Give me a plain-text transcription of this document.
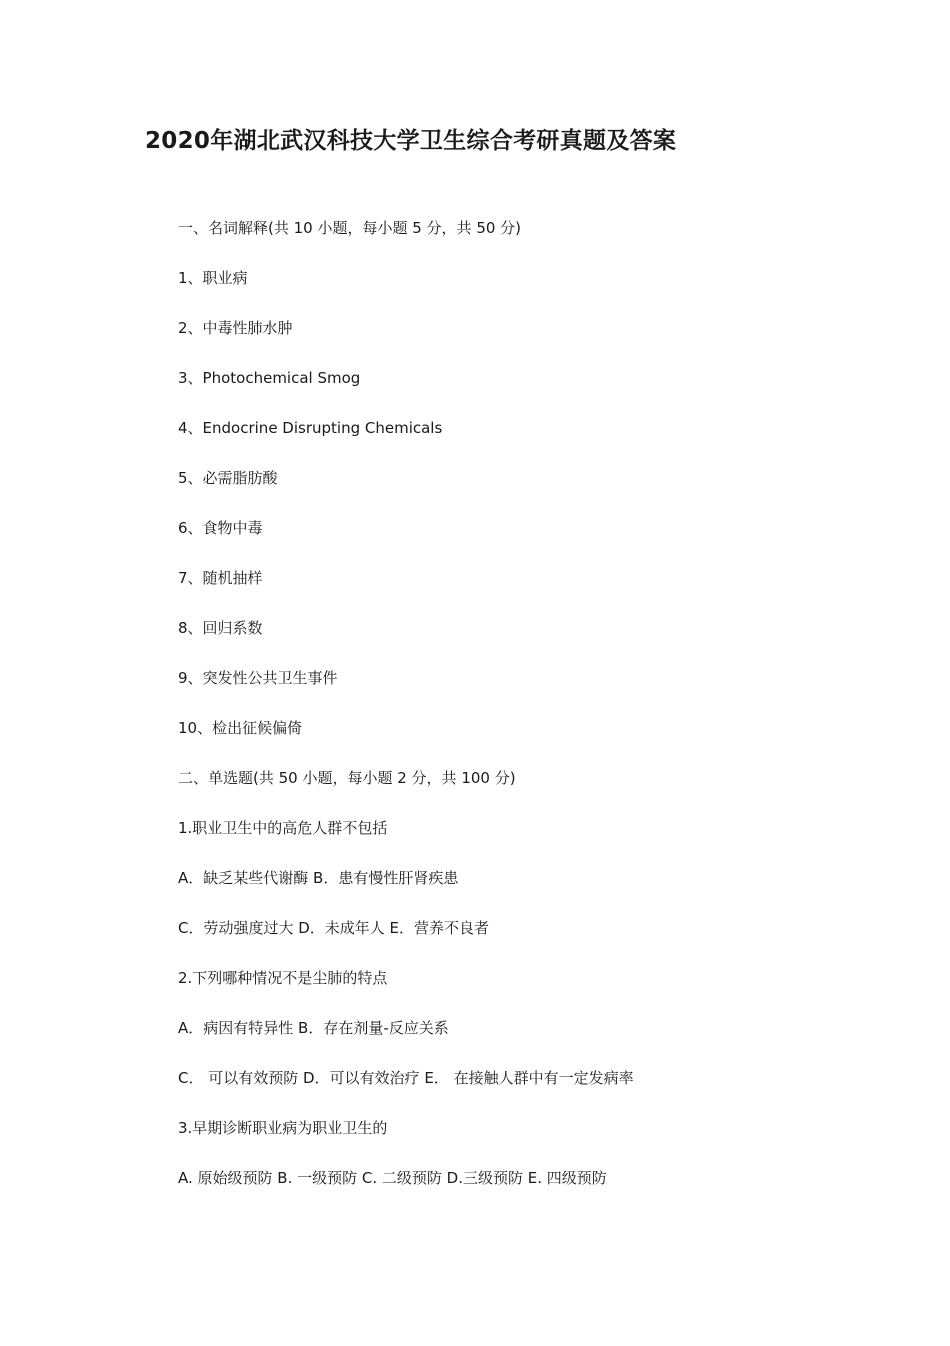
2020年湖北武汉科技大学卫生综合考研真题及答案
一、名词解释(共 10 小题，每小题 5 分，共 50 分)
1、职业病
2、中毒性肺水肿
3、Photochemical Smog
4、Endocrine Disrupting Chemicals
5、必需脂肪酸
6、食物中毒
7、随机抽样
8、回归系数
9、突发性公共卫生事件
10、检出征候偏倚
二、单选题(共 50 小题，每小题 2 分，共 100 分)
1.职业卫生中的高危人群不包括
A．缺乏某些代谢酶 B．患有慢性肝肾疾患
C．劳动强度过大 D．未成年人 E．营养不良者
2.下列哪种情况不是尘肺的特点
A．病因有特异性 B．存在剂量-反应关系
C． 可以有效预防 D．可以有效治疗 E． 在接触人群中有一定发病率
3.早期诊断职业病为职业卫生的
A. 原始级预防 B. 一级预防 C. 二级预防 D.三级预防 E. 四级预防
